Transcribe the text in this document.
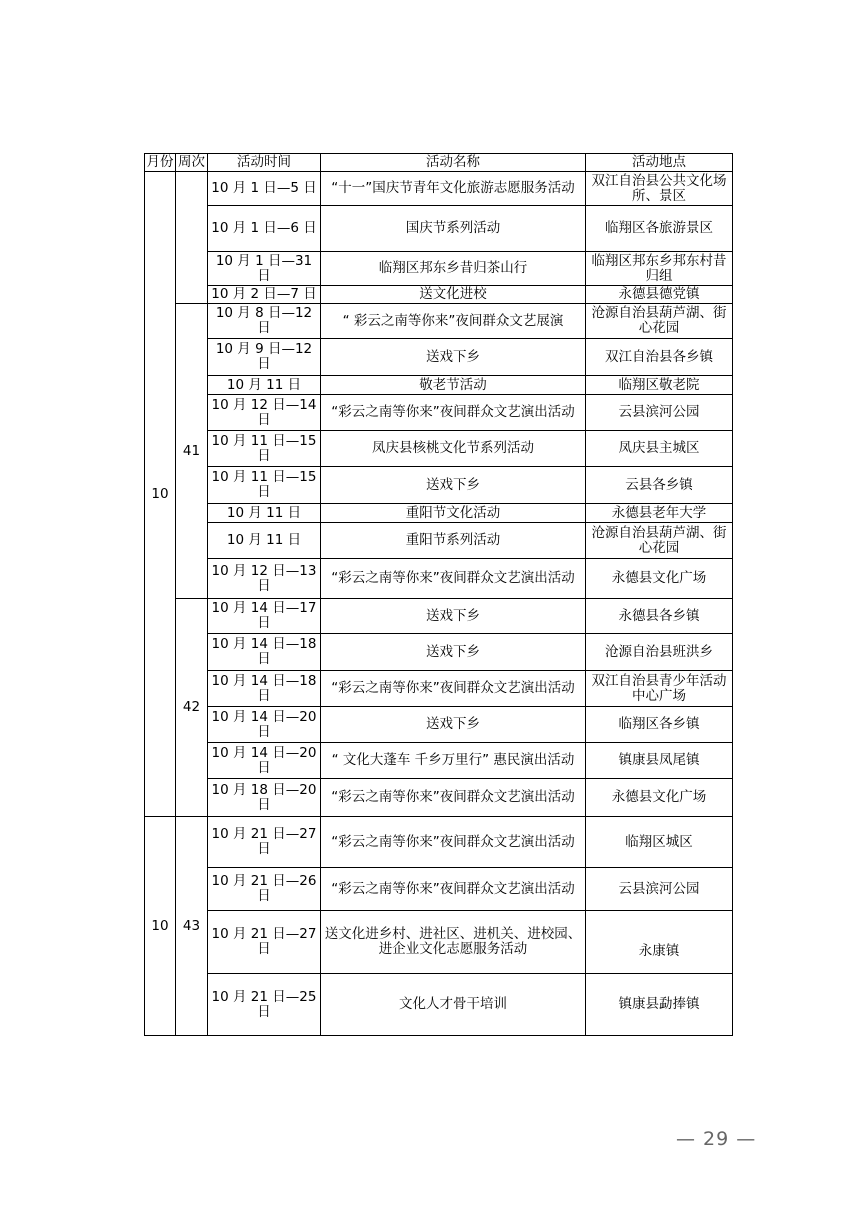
月份	周次	活动时间	活动名称	活动地点
10		10 月 1 日—5 日	“十一”国庆节青年文化旅游志愿服务活动	双江自治县公共文化场所、景区
		10 月 1 日—6 日	国庆节系列活动	临翔区各旅游景区
		10 月 1 日—31 日	临翔区邦东乡昔归茶山行	临翔区邦东乡邦东村昔归组
		10 月 2 日—7 日	送文化进校	永德县德党镇
	41	10 月 8 日—12 日	“ 彩云之南等你来”夜间群众文艺展演	沧源自治县葫芦湖、街心花园
		10 月 9 日—12 日	送戏下乡	双江自治县各乡镇
		10 月 11 日	敬老节活动	临翔区敬老院
		10 月 12 日—14 日	“彩云之南等你来”夜间群众文艺演出活动	云县滨河公园
		10 月 11 日—15 日	凤庆县核桃文化节系列活动	凤庆县主城区
		10 月 11 日—15 日	送戏下乡	云县各乡镇
		10 月 11 日	重阳节文化活动	永德县老年大学
		10 月 11 日	重阳节系列活动	沧源自治县葫芦湖、街心花园
		10 月 12 日—13 日	“彩云之南等你来”夜间群众文艺演出活动	永德县文化广场
	42	10 月 14 日—17 日	送戏下乡	永德县各乡镇
		10 月 14 日—18 日	送戏下乡	沧源自治县班洪乡
		10 月 14 日—18 日	“彩云之南等你来”夜间群众文艺演出活动	双江自治县青少年活动中心广场
		10 月 14 日—20 日	送戏下乡	临翔区各乡镇
		10 月 14 日—20 日	“ 文化大蓬车 千乡万里行” 惠民演出活动	镇康县凤尾镇
		10 月 18 日—20 日	“彩云之南等你来”夜间群众文艺演出活动	永德县文化广场
10	43	10 月 21 日—27 日	“彩云之南等你来”夜间群众文艺演出活动	临翔区城区
		10 月 21 日—26 日	“彩云之南等你来”夜间群众文艺演出活动	云县滨河公园
		10 月 21 日—27 日	送文化进乡村、进社区、进机关、进校园、进企业文化志愿服务活动	永康镇
		10 月 21 日—25 日	文化人才骨干培训	镇康县勐捧镇
— 29 —
